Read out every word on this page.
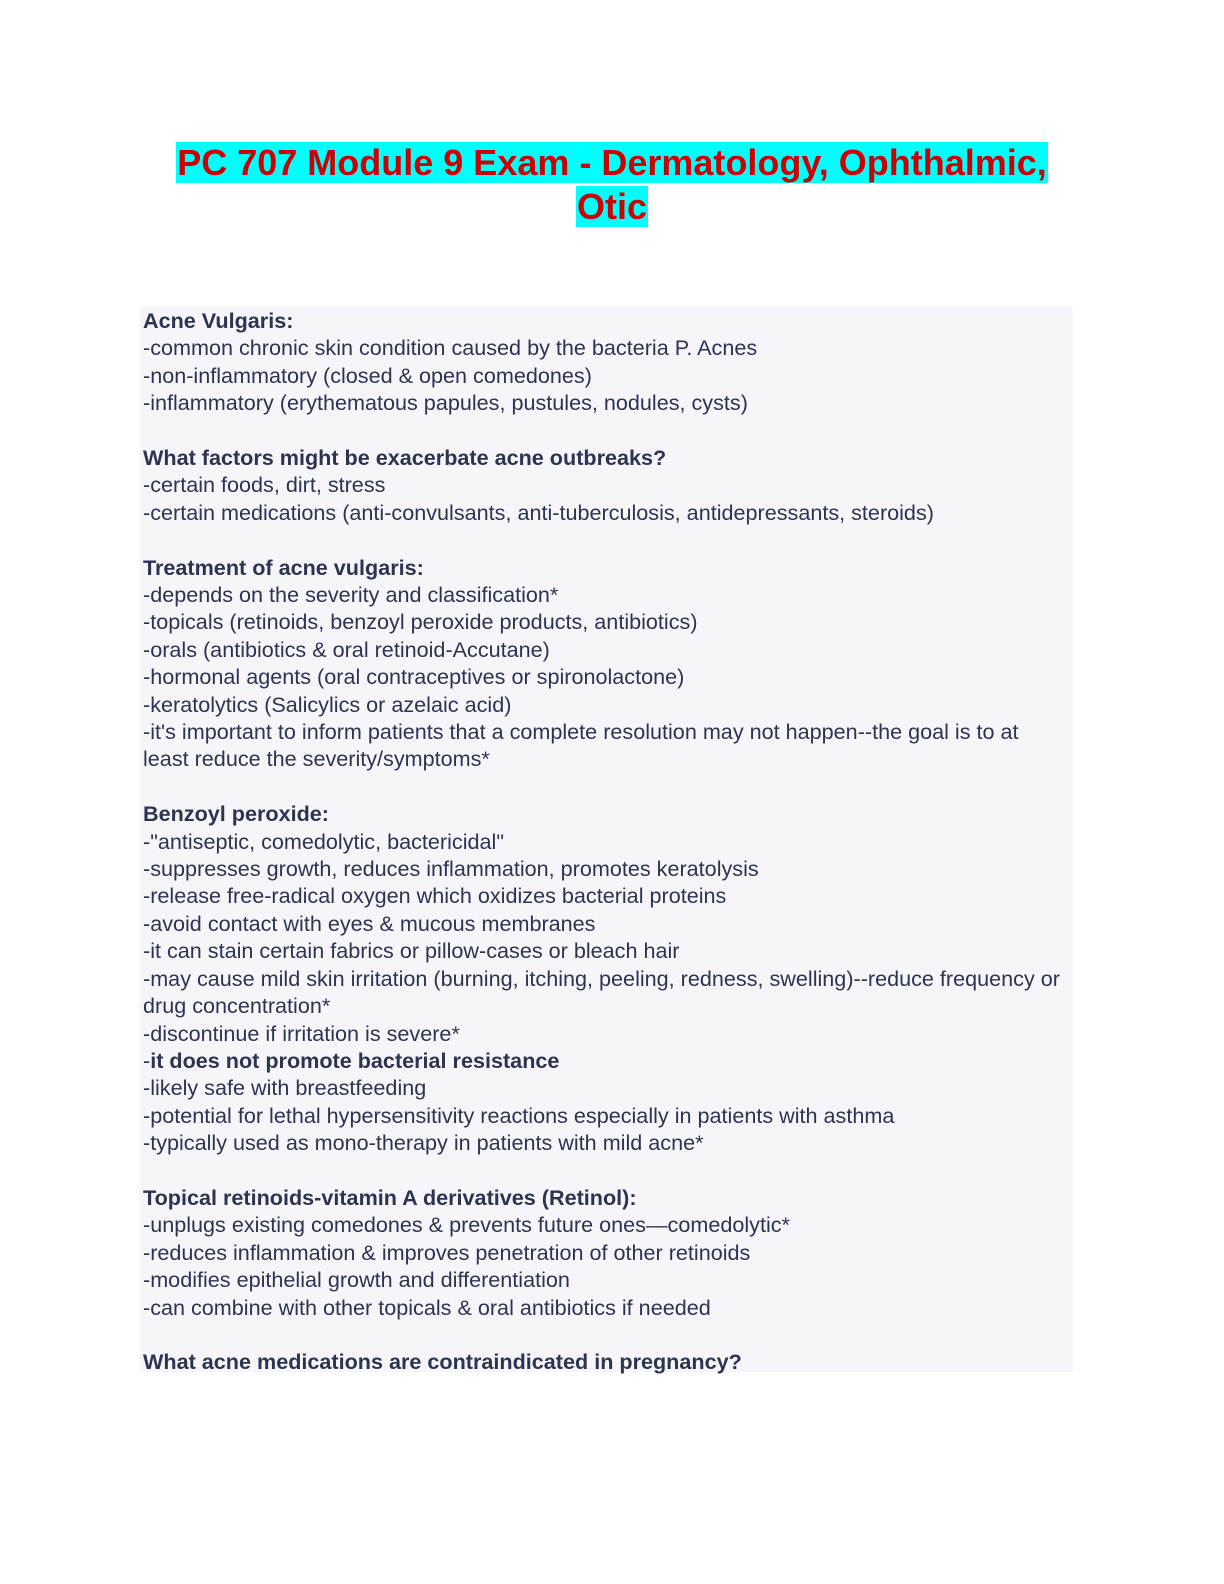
PC 707 Module 9 Exam - Dermatology, Ophthalmic,
Otic
Acne Vulgaris:
-common chronic skin condition caused by the bacteria P. Acnes
-non-inflammatory (closed & open comedones)
-inflammatory (erythematous papules, pustules, nodules, cysts)
What factors might be exacerbate acne outbreaks?
-certain foods, dirt, stress
-certain medications (anti-convulsants, anti-tuberculosis, antidepressants, steroids)
Treatment of acne vulgaris:
-depends on the severity and classification*
-topicals (retinoids, benzoyl peroxide products, antibiotics)
-orals (antibiotics & oral retinoid-Accutane)
-hormonal agents (oral contraceptives or spironolactone)
-keratolytics (Salicylics or azelaic acid)
-it's important to inform patients that a complete resolution may not happen--the goal is to at least reduce the severity/symptoms*
Benzoyl peroxide:
-"antiseptic, comedolytic, bactericidal"
-suppresses growth, reduces inflammation, promotes keratolysis
-release free-radical oxygen which oxidizes bacterial proteins
-avoid contact with eyes & mucous membranes
-it can stain certain fabrics or pillow-cases or bleach hair
-may cause mild skin irritation (burning, itching, peeling, redness, swelling)--reduce frequency or drug concentration*
-discontinue if irritation is severe*
-it does not promote bacterial resistance
-likely safe with breastfeeding
-potential for lethal hypersensitivity reactions especially in patients with asthma
-typically used as mono-therapy in patients with mild acne*
Topical retinoids-vitamin A derivatives (Retinol):
-unplugs existing comedones & prevents future ones—comedolytic*
-reduces inflammation & improves penetration of other retinoids
-modifies epithelial growth and differentiation
-can combine with other topicals & oral antibiotics if needed
What acne medications are contraindicated in pregnancy?
